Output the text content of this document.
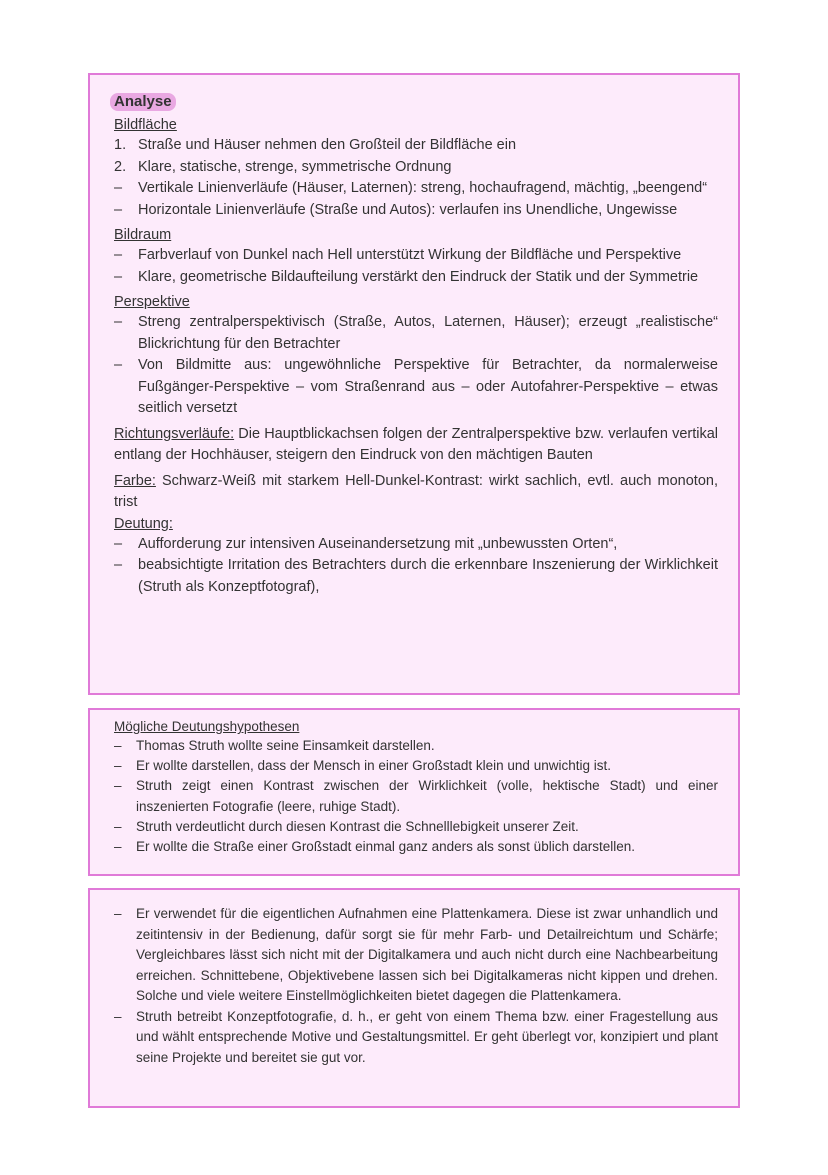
Analyse
Bildfläche
1. Straße und Häuser nehmen den Großteil der Bildfläche ein
2. Klare, statische, strenge, symmetrische Ordnung
–	Vertikale Linienverläufe (Häuser, Laternen): streng, hochaufragend, mächtig, „beengend“
–	Horizontale Linienverläufe (Straße und Autos): verlaufen ins Unendliche, Ungewisse
Bildraum
–	Farbverlauf von Dunkel nach Hell unterstützt Wirkung der Bildfläche und Perspektive
–	Klare, geometrische Bildaufteilung verstärkt den Eindruck der Statik und der Symmetrie
Perspektive
–	Streng zentralperspektivisch (Straße, Autos, Laternen, Häuser); erzeugt „realistische“ Blickrichtung für den Betrachter
–	Von Bildmitte aus: ungewöhnliche Perspektive für Betrachter, da normalerweise Fußgänger-Perspektive – vom Straßenrand aus – oder Autofahrer-Perspektive – etwas seitlich versetzt
Richtungsverläufe: Die Hauptblickachsen folgen der Zentralperspektive bzw. verlaufen vertikal entlang der Hochhäuser, steigern den Eindruck von den mächtigen Bauten
Farbe: Schwarz-Weiß mit starkem Hell-Dunkel-Kontrast: wirkt sachlich, evtl. auch monoton, trist
Deutung:
–	Aufforderung zur intensiven Auseinandersetzung mit „unbewussten Orten“,
–	beabsichtigte Irritation des Betrachters durch die erkennbare Inszenierung der Wirklichkeit (Struth als Konzeptfotograf),
Mögliche Deutungshypothesen
–	Thomas Struth wollte seine Einsamkeit darstellen.
–	Er wollte darstellen, dass der Mensch in einer Großstadt klein und unwichtig ist.
–	Struth zeigt einen Kontrast zwischen der Wirklichkeit (volle, hektische Stadt) und einer inszenierten Fotografie (leere, ruhige Stadt).
–	Struth verdeutlicht durch diesen Kontrast die Schnelllebigkeit unserer Zeit.
–	Er wollte die Straße einer Großstadt einmal ganz anders als sonst üblich darstellen.
–	Er verwendet für die eigentlichen Aufnahmen eine Plattenkamera. Diese ist zwar unhandlich und zeitintensiv in der Bedienung, dafür sorgt sie für mehr Farb- und Detailreichtum und Schärfe; Vergleichbares lässt sich nicht mit der Digitalkamera und auch nicht durch eine Nachbearbeitung erreichen. Schnittebene, Objektivebene lassen sich bei Digitalkameras nicht kippen und drehen. Solche und viele weitere Einstellmöglichkeiten bietet dagegen die Plattenkamera.
–	Struth betreibt Konzeptfotografie, d. h., er geht von einem Thema bzw. einer Fragestellung aus und wählt entsprechende Motive und Gestaltungsmittel. Er geht überlegt vor, konzipiert und plant seine Projekte und bereitet sie gut vor.
